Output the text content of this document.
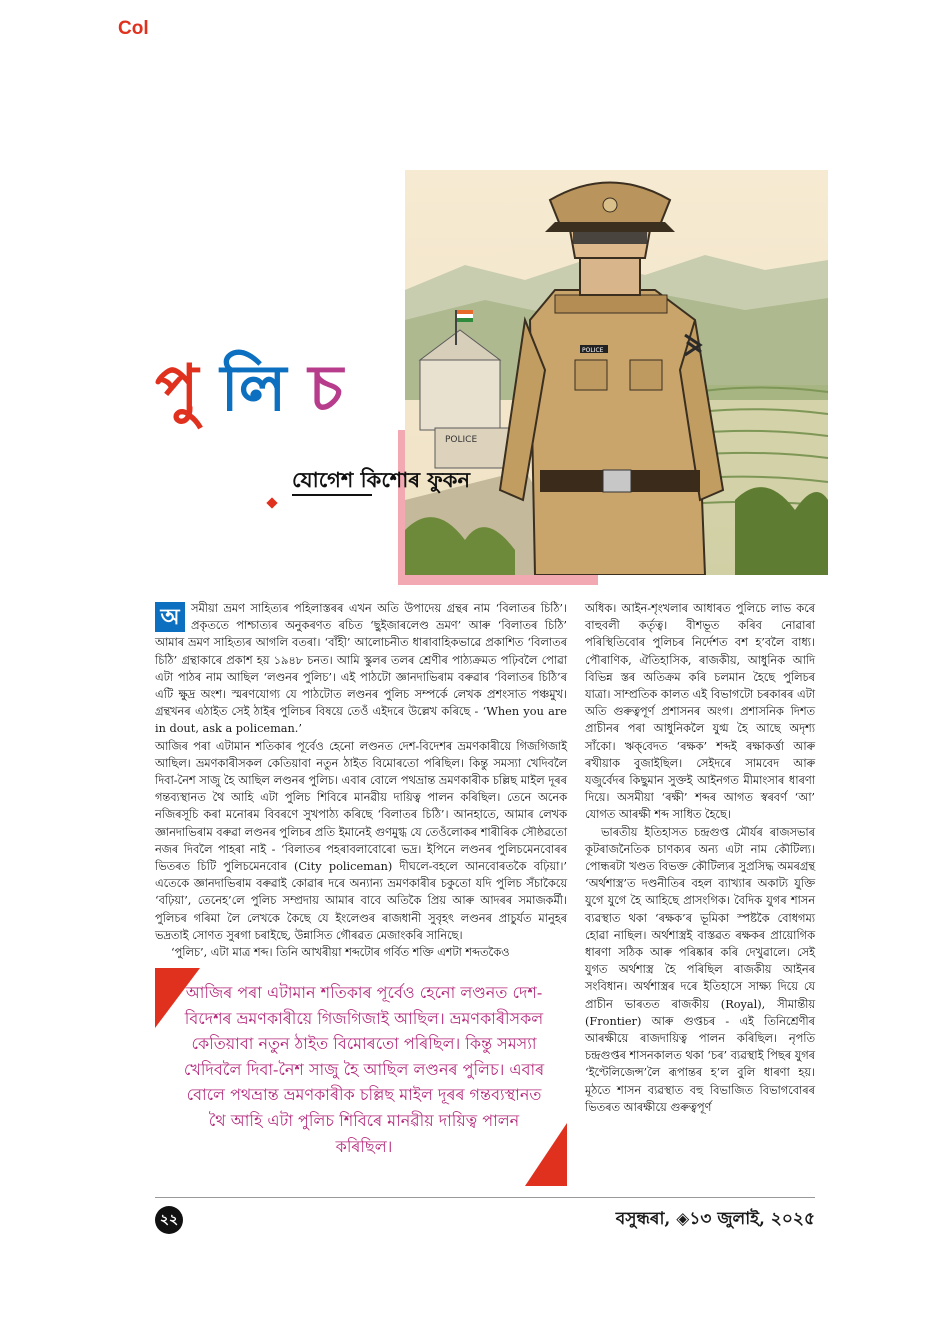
Col
POLICE
POLICE
পুলিচ
যোগেশ কিশোৰ ফুকন

অ	সমীয়া ভ্ৰমণ সাহিত্যৰ পহিলাস্তৰৰ এখন অতি উপাদেয় গ্ৰন্থৰ নাম ‘বিলাতৰ চিঠি’। প্ৰকৃততে পাশ্চাত্যৰ অনুকৰণত ৰচিত ‘ছুইজাৰলেণ্ড ভ্ৰমণ’ আৰু ‘বিলাতৰ চিঠি’ আমাৰ ভ্ৰমণ সাহিত্যৰ আগলি বতৰা। ‘বাঁহী’ আলোচনীত ধাৰাবাহিকভাৱে প্ৰকাশিত ‘বিলাতৰ চিঠি’ গ্ৰন্থাকাৰে প্ৰকাশ হয় ১৯৪৮ চনত। আমি স্কুলৰ তলৰ শ্ৰেণীৰ পাঠ্যক্ৰমত পঢ়িবলৈ পোৱা এটা পাঠৰ নাম আছিল ‘লণ্ডনৰ পুলিচ’। এই পাঠটো জ্ঞানদাভিৰাম বৰুৱাৰ ‘বিলাতৰ চিঠি’ৰ এটি ক্ষুদ্ৰ অংশ। স্মৰণযোগ্য যে পাঠটোত লণ্ডনৰ পুলিচ সম্পৰ্কে লেখক প্ৰশংসাত পঞ্চমুখ। গ্ৰন্থখনৰ এঠাইত সেই ঠাইৰ পুলিচৰ বিষয়ে তেওঁ এইদৰে উল্লেখ কৰিছে - ‘When you are in dout, ask a policeman.’

আজিৰ পৰা এটামান শতিকাৰ পূৰ্বেও হেনো লণ্ডনত দেশ-বিদেশৰ ভ্ৰমণকাৰীয়ে গিজগিজাই আছিল। ভ্ৰমণকাৰীসকল কেতিয়াবা নতুন ঠাইত বিমোৰতো পৰিছিল। কিন্তু সমস্যা খেদিবলৈ দিবা-নৈশ সাজু হৈ আছিল লণ্ডনৰ পুলিচ। এবাৰ বোলে পথভ্ৰান্ত ভ্ৰমণকাৰীক চল্লিছ মাইল দূৰৰ গন্তব্যস্থানত থৈ আহি এটা পুলিচ শিবিৰে মানৱীয় দায়িত্ব পালন কৰিছিল। তেনে অনেক নজিৰসূচি কৰা মনোৰম বিবৰণে সুখপাঠ্য কৰিছে ‘বিলাতৰ চিঠি’। আনহাতে, আমাৰ লেখক জ্ঞানদাভিৰাম বৰুৱা লণ্ডনৰ পুলিচৰ প্ৰতি ইমানেই গুণমুগ্ধ যে তেওঁলোকৰ শাৰীৰিক সৌষ্ঠৱতো নজৰ দিবলৈ পাহৰা নাই - ‘বিলাতৰ পহৰাবলাবোৰো ভদ্ৰ। ইপিনে লণ্ডনৰ পুলিচমেনবোৰৰ ভিতৰত চিটি পুলিচমেনবোৰ (City policeman) দীঘলে-বহলে আনবোৰতকৈ বঢ়িয়া।’ এতেকে জ্ঞানদাভিৰাম বৰুৱাই কোৱাৰ দৰে অন্যান্য ভ্ৰমণকাৰীৰ চকুতো যদি পুলিচ সঁচাকৈয়ে ‘বঢ়িয়া’, তেনেহ’লে পুলিচ সম্প্ৰদায় আমাৰ বাবে অতিকৈ প্ৰিয় আৰু আদৰৰ সমাজকৰ্মী। পুলিচৰ গৰিমা লৈ লেখকে কৈছে যে ইংলেণ্ডৰ ৰাজধানী সুবৃহৎ লণ্ডনৰ প্ৰাচুৰ্যত মানুহৰ ভদ্ৰতাই সোণত সুৰগা চৰাইছে, উন্নাসিত গৌৰৱত মেজাংকৰি সানিছে।

‘পুলিচ’, এটা মাত্ৰ শব্দ। তিনি আখৰীয়া শব্দটোৰ গৰ্বিত শক্তি এশটা শব্দতকৈও

অধিক। আইন-শৃংখলাৰ আধাৰত পুলিচে লাভ কৰে বাহুবলী কৰ্তৃত্ব। বীশভূত কৰিব নোৱাৰা পৰিস্থিতিবোৰ পুলিচৰ নিৰ্দেশত বশ হ’বলৈ বাধ্য। পৌৰাণিক, ঐতিহাসিক, ৰাজকীয়, আধুনিক আদি বিভিন্ন স্তৰ অতিক্ৰম কৰি চলমান হৈছে পুলিচৰ যাত্ৰা। সাম্প্ৰতিক কালত এই বিভাগটো চৰকাৰৰ এটা অতি গুৰুত্বপূৰ্ণ প্ৰশাসনৰ অংগ। প্ৰশাসনিক দিশত প্ৰাচীনৰ পৰা আধুনিকলৈ যুগ্ম হৈ আছে অদৃশ্য সাঁকো। ঋক্‌বেদত ‘ৰক্ষক’ শব্দই ৰক্ষাকৰ্ত্তা আৰু ৰখীয়াক বুজাইছিল। সেইদৰে সামবেদ আৰু যজুৰ্বেদৰ কিছুমান সুক্তই আইনগত মীমাংসাৰ ধাৰণা দিয়ে। অসমীয়া ‘ৰক্ষী’ শব্দৰ আগত স্বৰবৰ্ণ ‘আ’ যোগত আৰক্ষী শব্দ সাধিত হৈছে।

ভাৰতীয় ইতিহাসত চন্দ্ৰগুপ্ত মৌৰ্যৰ ৰাজসভাৰ কূটৰাজনৈতিক চাণক্যৰ অন্য এটা নাম কৌটিল্য। পোন্ধৰটা খণ্ডত বিভক্ত কৌটিল্যৰ সুপ্ৰসিদ্ধ অমৰগ্ৰন্থ ‘অৰ্থশাস্ত্ৰ’ত দণ্ডনীতিৰ বহল ব্যাখ্যাৰ অকাট্য যুক্তি যুগে যুগে হৈ আহিছে প্ৰাসংগিক। বৈদিক যুগৰ শাসন ব্যৱস্থাত থকা ‘ৰক্ষক’ৰ ভূমিকা স্পষ্টকৈ বোধগম্য হোৱা নাছিল। অৰ্থশাস্ত্ৰই বাস্তৱত ৰক্ষকৰ প্ৰায়োগিক ধাৰণা সঠিক আৰু পৰিষ্কাৰ কৰি দেখুৱালে। সেই যুগত অৰ্থশাস্ত্ৰ হৈ পৰিছিল ৰাজকীয় আইনৰ সংবিধান। অৰ্থশাস্ত্ৰৰ দৰে ইতিহাসে সাক্ষ্য দিয়ে যে প্ৰাচীন ভাৰতত ৰাজকীয় (Royal), সীমান্তীয় (Frontier) আৰু গুপ্তচৰ - এই তিনিশ্ৰেণীৰ আৰক্ষীয়ে ৰাজদায়িত্ব পালন কৰিছিল। নৃপতি চন্দ্ৰগুপ্তৰ শাসনকালত থকা ‘চৰ’ ব্যৱস্থাই পিছৰ যুগৰ ‘ইণ্টেলিজেন্স’লৈ ৰূপান্তৰ হ’ল বুলি ধাৰণা হয়। মূঠতে শাসন ব্যৱস্থাত বহু বিভাজিত বিভাগবোৰৰ ভিতৰত আৰক্ষীয়ে গুৰুত্বপূৰ্ণ

আজিৰ পৰা এটামান শতিকাৰ পূৰ্বেও হেনো লণ্ডনত দেশ-বিদেশৰ ভ্ৰমণকাৰীয়ে গিজগিজাই আছিল। ভ্ৰমণকাৰীসকল কেতিয়াবা নতুন ঠাইত বিমোৰতো পৰিছিল। কিন্তু সমস্যা খেদিবলৈ দিবা-নৈশ সাজু হৈ আছিল লণ্ডনৰ পুলিচ। এবাৰ বোলে পথভ্ৰান্ত ভ্ৰমণকাৰীক চল্লিছ মাইল দূৰৰ গন্তব্যস্থানত থৈ আহি এটা পুলিচ শিবিৰে মানৱীয় দায়িত্ব পালন কৰিছিল।
২২	বসুন্ধৰা, ◈১৩ জুলাই, ২০২৫
